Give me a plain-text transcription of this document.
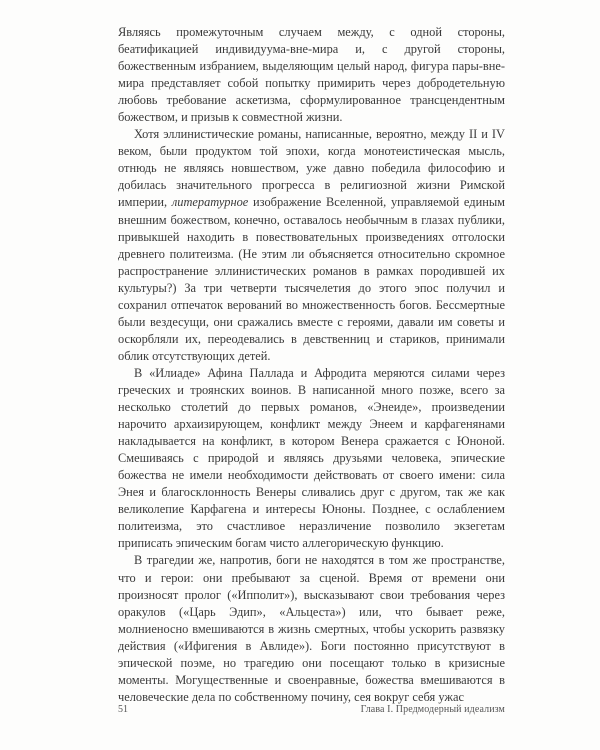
Являясь промежуточным случаем между, с одной стороны, беатификацией индивидуума-вне-мира и, с другой стороны, божественным избранием, выделяющим целый народ, фигура пары-вне-мира представляет собой попытку примирить через добродетельную любовь требование аскетизма, сформулированное трансцендентным божеством, и призыв к совместной жизни.

Хотя эллинистические романы, написанные, вероятно, между II и IV веком, были продуктом той эпохи, когда монотеистическая мысль, отнюдь не являясь новшеством, уже давно победила философию и добилась значительного прогресса в религиозной жизни Римской империи, литературное изображение Вселенной, управляемой единым внешним божеством, конечно, оставалось необычным в глазах публики, привыкшей находить в повествовательных произведениях отголоски древнего политеизма. (Не этим ли объясняется относительно скромное распространение эллинистических романов в рамках породившей их культуры?) За три четверти тысячелетия до этого эпос получил и сохранил отпечаток верований во множественность богов. Бессмертные были вездесущи, они сражались вместе с героями, давали им советы и оскорбляли их, переодевались в девственниц и стариков, принимали облик отсутствующих детей.

В «Илиаде» Афина Паллада и Афродита меряются силами через греческих и троянских воинов. В написанной много позже, всего за несколько столетий до первых романов, «Энеиде», произведении нарочито архаизирующем, конфликт между Энеем и карфагенянами накладывается на конфликт, в котором Венера сражается с Юноной. Смешиваясь с природой и являясь друзьями человека, эпические божества не имели необходимости действовать от своего имени: сила Энея и благосклонность Венеры сливались друг с другом, так же как великолепие Карфагена и интересы Юноны. Позднее, с ослаблением политеизма, это счастливое неразличение позволило экзегетам приписать эпическим богам чисто аллегорическую функцию.

В трагедии же, напротив, боги не находятся в том же пространстве, что и герои: они пребывают за сценой. Время от времени они произносят пролог («Ипполит»), высказывают свои требования через оракулов («Царь Эдип», «Альцеста») или, что бывает реже, молниеносно вмешиваются в жизнь смертных, чтобы ускорить развязку действия («Ифигения в Авлиде»). Боги постоянно присутствуют в эпической поэме, но трагедию они посещают только в кризисные моменты. Могущественные и своенравные, божества вмешиваются в человеческие дела по собственному почину, сея вокруг себя ужас

51	Глава I. Предмодерный идеализм
